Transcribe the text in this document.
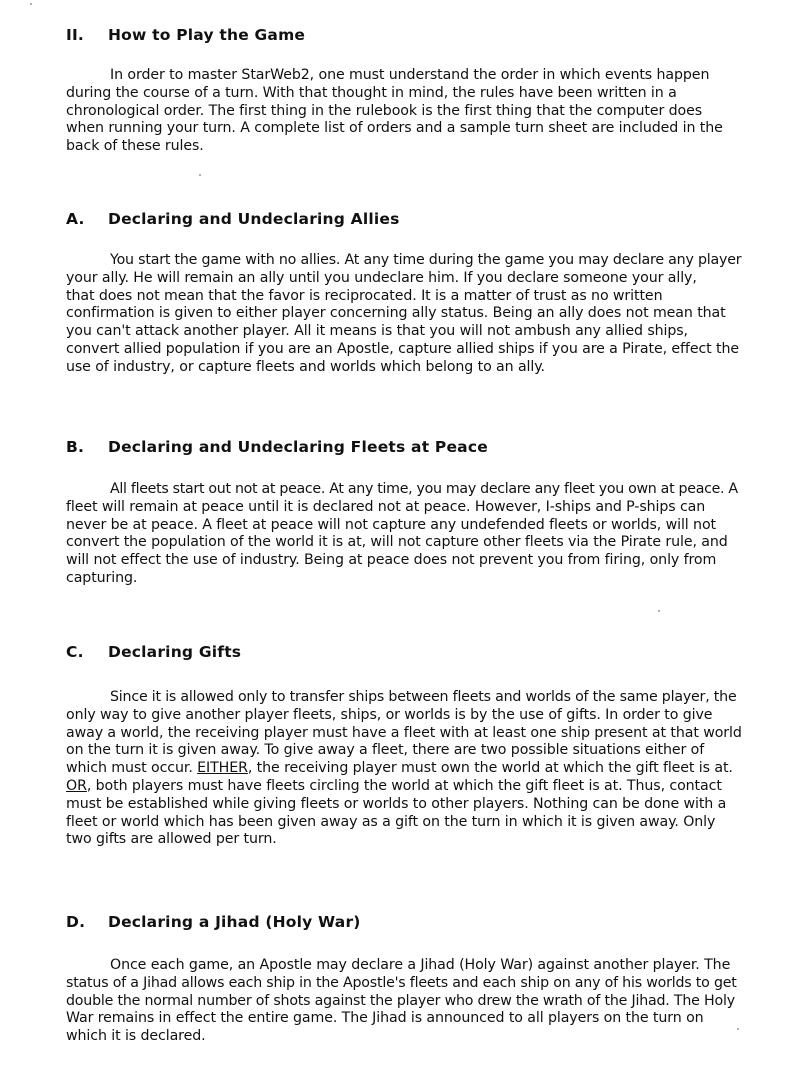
II. How to Play the Game
In order to master StarWeb2, one must understand the order in which events happen
during the course of a turn. With that thought in mind, the rules have been written in a
chronological order. The first thing in the rulebook is the first thing that the computer does
when running your turn. A complete list of orders and a sample turn sheet are included in the
back of these rules.
A. Declaring and Undeclaring Allies
You start the game with no allies. At any time during the game you may declare any player
your ally. He will remain an ally until you undeclare him. If you declare someone your ally,
that does not mean that the favor is reciprocated. It is a matter of trust as no written
confirmation is given to either player concerning ally status. Being an ally does not mean that
you can't attack another player. All it means is that you will not ambush any allied ships,
convert allied population if you are an Apostle, capture allied ships if you are a Pirate, effect the
use of industry, or capture fleets and worlds which belong to an ally.
B. Declaring and Undeclaring Fleets at Peace
All fleets start out not at peace. At any time, you may declare any fleet you own at peace. A
fleet will remain at peace until it is declared not at peace. However, I-ships and P-ships can
never be at peace. A fleet at peace will not capture any undefended fleets or worlds, will not
convert the population of the world it is at, will not capture other fleets via the Pirate rule, and
will not effect the use of industry. Being at peace does not prevent you from firing, only from
capturing.
C. Declaring Gifts
Since it is allowed only to transfer ships between fleets and worlds of the same player, the
only way to give another player fleets, ships, or worlds is by the use of gifts. In order to give
away a world, the receiving player must have a fleet with at least one ship present at that world
on the turn it is given away. To give away a fleet, there are two possible situations either of
which must occur. EITHER, the receiving player must own the world at which the gift fleet is at.
OR, both players must have fleets circling the world at which the gift fleet is at. Thus, contact
must be established while giving fleets or worlds to other players. Nothing can be done with a
fleet or world which has been given away as a gift on the turn in which it is given away. Only
two gifts are allowed per turn.
D. Declaring a Jihad (Holy War)
Once each game, an Apostle may declare a Jihad (Holy War) against another player. The
status of a Jihad allows each ship in the Apostle's fleets and each ship on any of his worlds to get
double the normal number of shots against the player who drew the wrath of the Jihad. The Holy
War remains in effect the entire game. The Jihad is announced to all players on the turn on
which it is declared.
